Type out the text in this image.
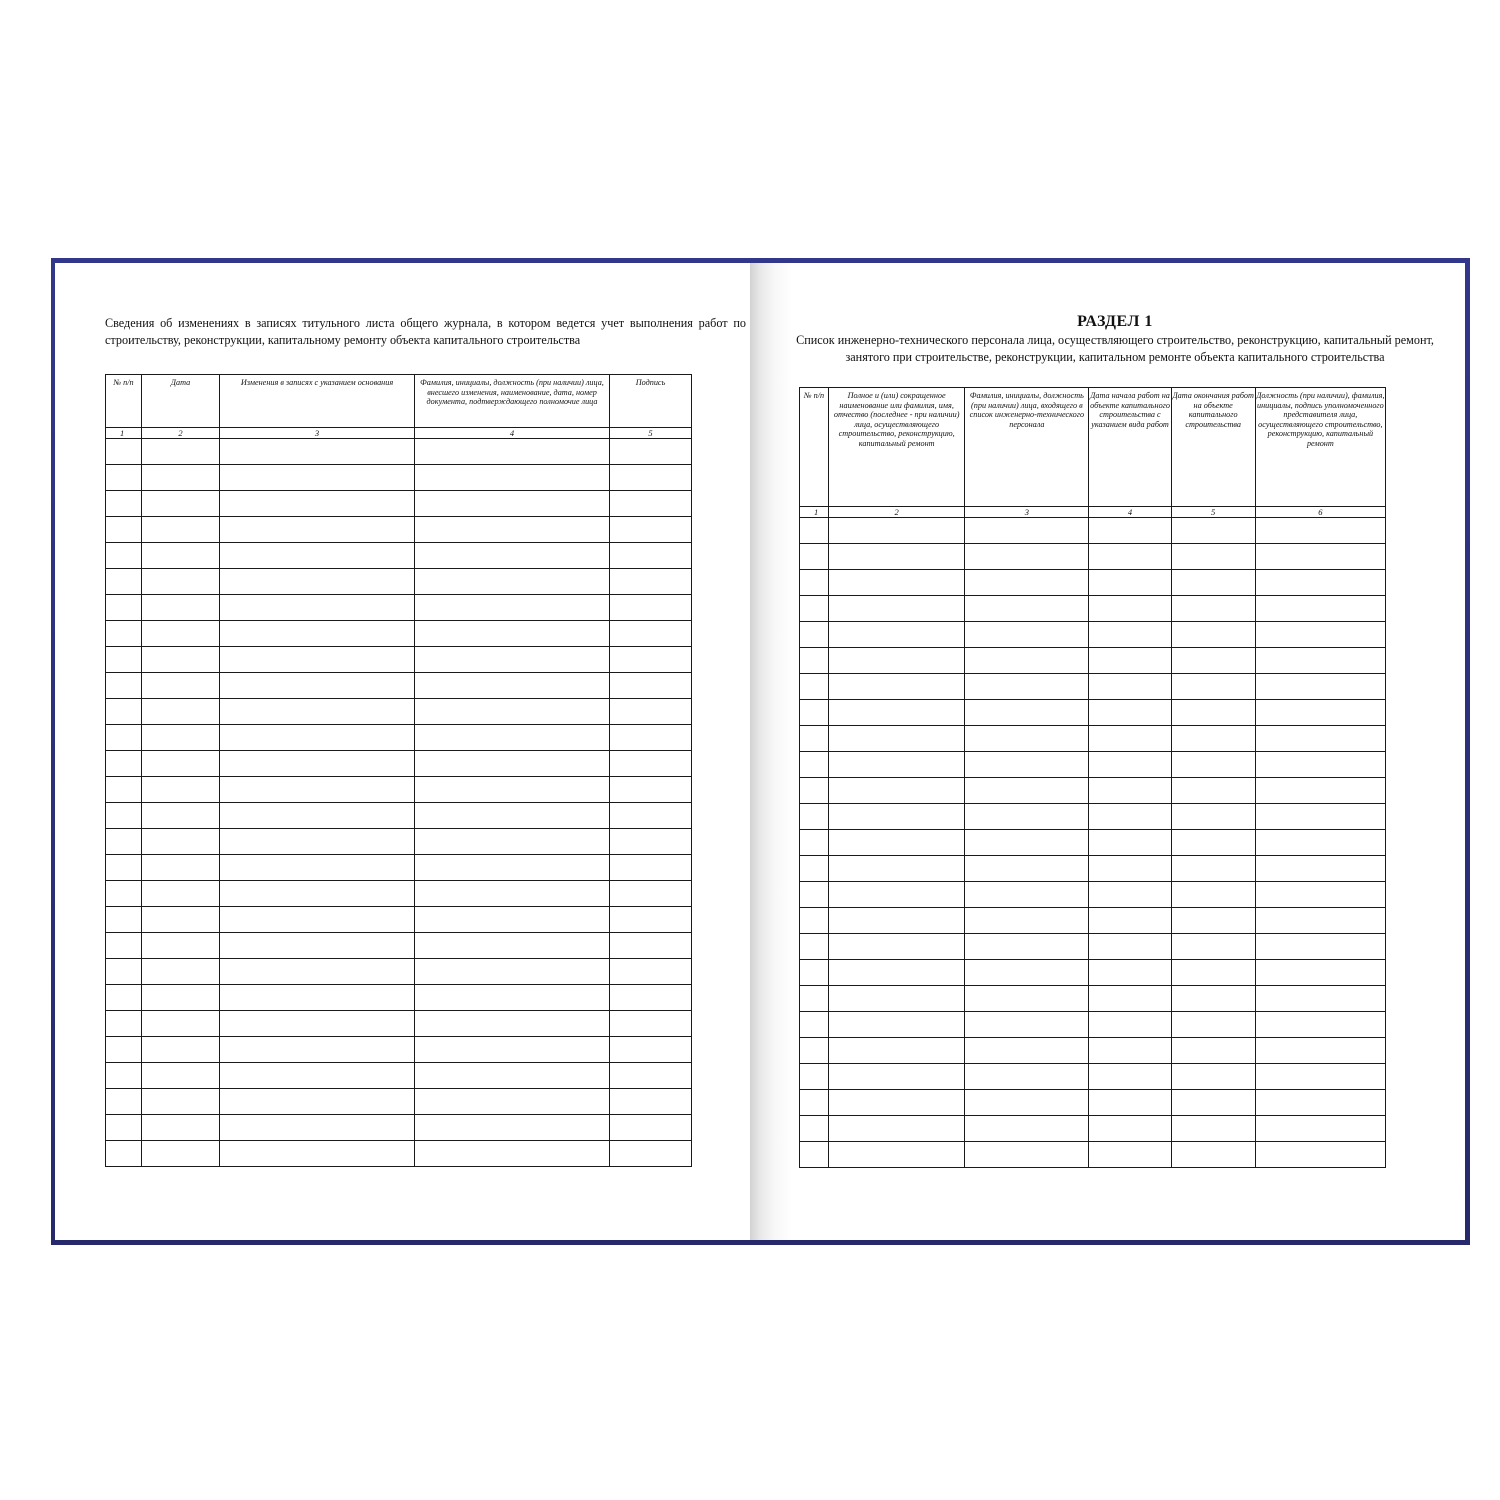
Сведения об изменениях в записях титульного листа общего журнала, в котором ведется учет выполнения работ по строительству, реконструкции, капитальному ремонту объекта капитального строительства
№ п/п	Дата	Изменения в записях с указанием основания	Фамилия, инициалы, должность (при наличии) лица, внесшего изменения, наименование, дата, номер документа, подтверждающего полномочие лица	Подпись
1	2	3	4	5

РАЗДЕЛ 1
Список инженерно-технического персонала лица, осуществляющего строительство, реконструкцию, капитальный ремонт, занятого при строительстве, реконструкции, капитальном ремонте объекта капитального строительства
№ п/п	Полное и (или) сокращенное наименование или фамилия, имя, отчество (последнее - при наличии) лица, осуществляющего строительство, реконструкцию, капитальный ремонт	Фамилия, инициалы, должность (при наличии) лица, входящего в список инженерно-технического персонала	Дата начала работ на объекте капитального строительства с указанием вида работ	Дата окончания работ на объекте капитального строительства	Должность (при наличии), фамилия, инициалы, подпись уполномоченного представителя лица, осуществляющего строительство, реконструкцию, капитальный ремонт
1	2	3	4	5	6
